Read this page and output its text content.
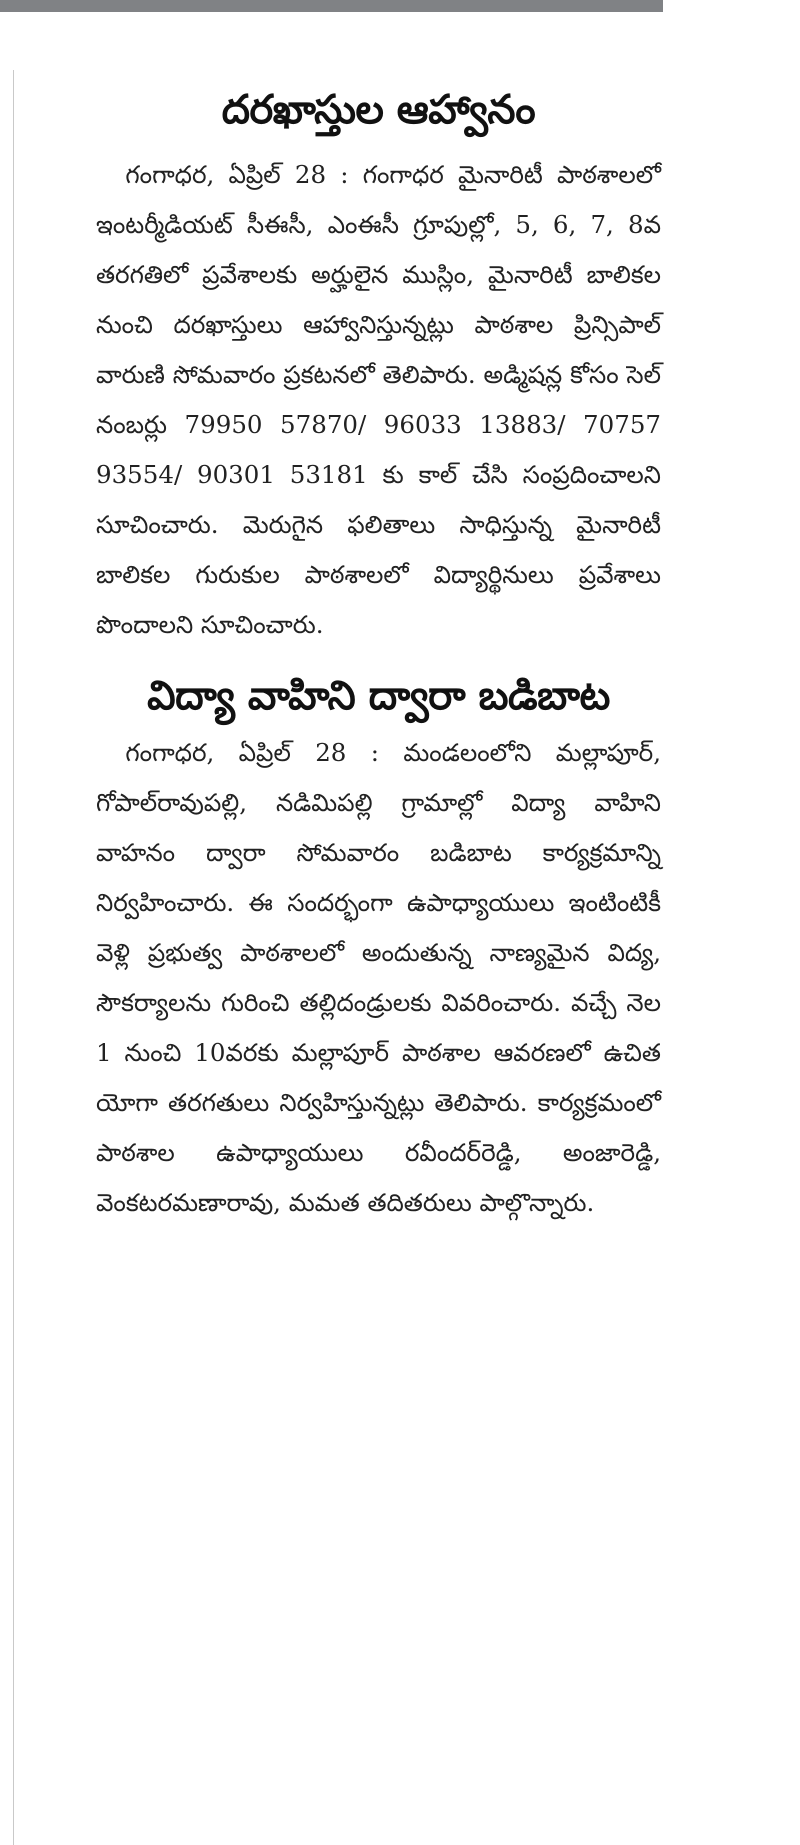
దరఖాస్తుల ఆహ్వానం

గంగాధర, ఏప్రిల్ 28 : గంగాధర మైనారిటీ పాఠశాలలో ఇంటర్మీడియట్ సీఈసీ, ఎంఈసీ గ్రూపుల్లో, 5, 6, 7, 8వ తరగతిలో ప్రవేశాలకు అర్హులైన ముస్లిం, మైనారిటీ బాలికల నుంచి దరఖాస్తులు ఆహ్వానిస్తున్నట్లు పాఠశాల ప్రిన్సిపాల్ వారుణి సోమవారం ప్రకటనలో తెలిపారు. అడ్మిషన్ల కోసం సెల్ నంబర్లు 79950 57870/ 96033 13883/ 70757 93554/ 90301 53181 కు కాల్ చేసి సంప్రదించాలని సూచించారు. మెరుగైన ఫలితాలు సాధిస్తున్న మైనారిటీ బాలికల గురుకుల పాఠశాలలో విద్యార్థినులు ప్రవేశాలు పొందాలని సూచించారు.

విద్యా వాహిని ద్వారా బడిబాట

గంగాధర, ఏప్రిల్ 28 : మండలంలోని మల్లాపూర్, గోపాల్‌రావుపల్లి, నడిమిపల్లి గ్రామాల్లో విద్యా వాహిని వాహనం ద్వారా సోమవారం బడిబాట కార్యక్రమాన్ని నిర్వహించారు. ఈ సందర్భంగా ఉపాధ్యాయులు ఇంటింటికీ వెళ్లి ప్రభుత్వ పాఠశాలలో అందుతున్న నాణ్యమైన విద్య, సౌకర్యాలను గురించి తల్లిదండ్రులకు వివరించారు. వచ్చే నెల 1 నుంచి 10వరకు మల్లాపూర్ పాఠశాల ఆవరణలో ఉచిత యోగా తరగతులు నిర్వహిస్తున్నట్లు తెలిపారు. కార్యక్రమంలో పాఠశాల ఉపాధ్యాయులు రవీందర్‌రెడ్డి, అంజారెడ్డి, వెంకటరమణారావు, మమత తదితరులు పాల్గొన్నారు.
